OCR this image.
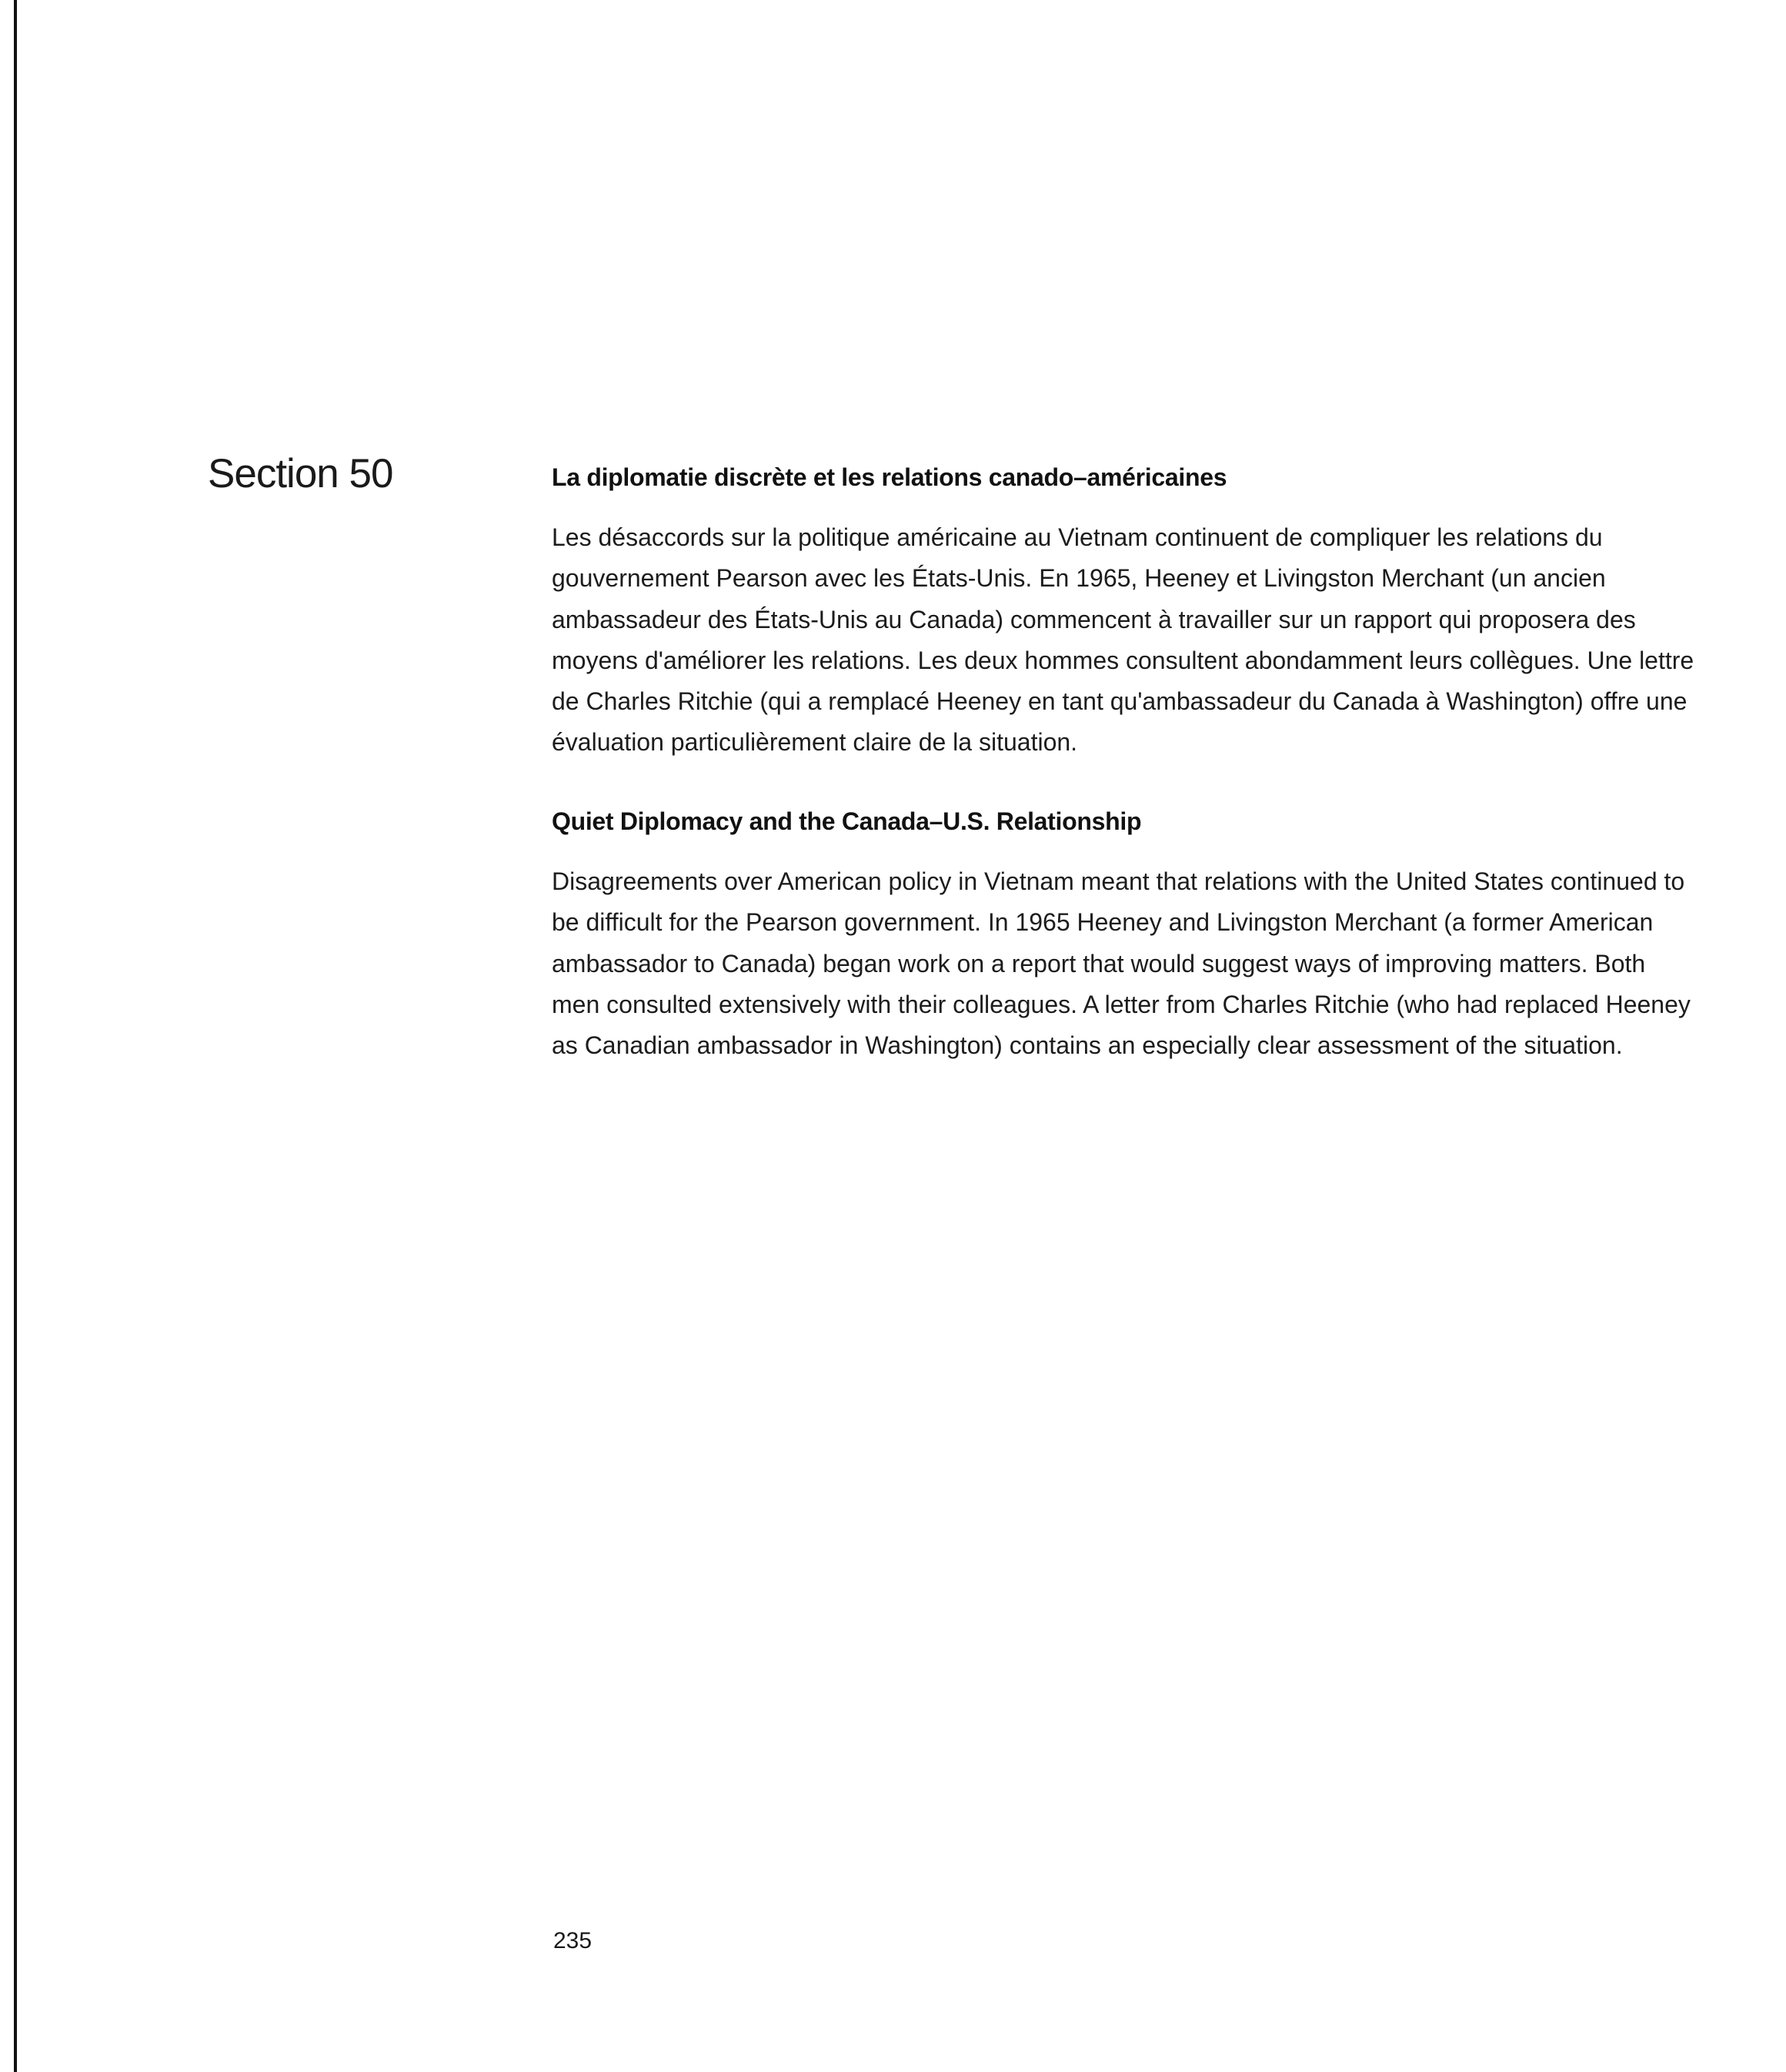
Section 50	La diplomatie discrète et les relations canado–américaines

Les désaccords sur la politique américaine au Vietnam continuent de compliquer les relations du gouvernement Pearson avec les États-Unis. En 1965, Heeney et Livingston Merchant (un ancien ambassadeur des États-Unis au Canada) commencent à travailler sur un rapport qui proposera des moyens d'améliorer les relations. Les deux hommes consultent abondamment leurs collègues. Une lettre de Charles Ritchie (qui a remplacé Heeney en tant qu'ambassadeur du Canada à Washington) offre une évaluation particulièrement claire de la situation.

Quiet Diplomacy and the Canada–U.S. Relationship

Disagreements over American policy in Vietnam meant that relations with the United States continued to be difficult for the Pearson government. In 1965 Heeney and Livingston Merchant (a former American ambassador to Canada) began work on a report that would suggest ways of improving matters. Both men consulted extensively with their colleagues. A letter from Charles Ritchie (who had replaced Heeney as Canadian ambassador in Washington) contains an especially clear assessment of the situation.

235
